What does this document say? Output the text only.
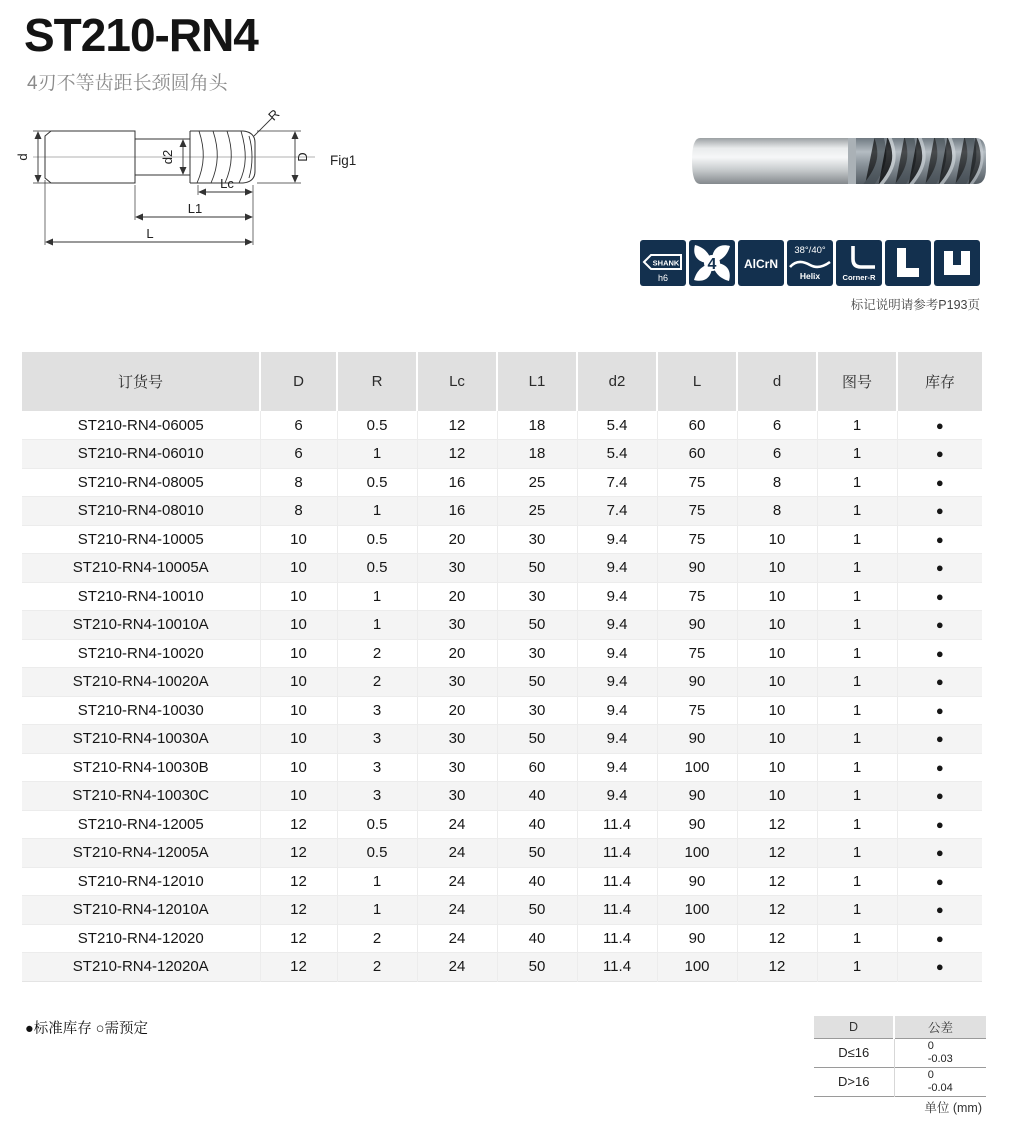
ST210-RN4
4刃不等齿距长颈圆角头
R
d	d2	D
Lc
L1
L
Fig1
SHANK
h6
4 AlCrN
38°/40°
Helix	Corner-R
标记说明请参考P193页
订货号	D	R	Lc	L1	d2	L	d	图号	库存
ST210-RN4-06005	6	0.5	12	18	5.4	60	6	1	●
ST210-RN4-06010	6	1	12	18	5.4	60	6	1	●
ST210-RN4-08005	8	0.5	16	25	7.4	75	8	1	●
ST210-RN4-08010	8	1	16	25	7.4	75	8	1	●
ST210-RN4-10005	10	0.5	20	30	9.4	75	10	1	●
ST210-RN4-10005A	10	0.5	30	50	9.4	90	10	1	●
ST210-RN4-10010	10	1	20	30	9.4	75	10	1	●
ST210-RN4-10010A	10	1	30	50	9.4	90	10	1	●
ST210-RN4-10020	10	2	20	30	9.4	75	10	1	●
ST210-RN4-10020A	10	2	30	50	9.4	90	10	1	●
ST210-RN4-10030	10	3	20	30	9.4	75	10	1	●
ST210-RN4-10030A	10	3	30	50	9.4	90	10	1	●
ST210-RN4-10030B	10	3	30	60	9.4	100	10	1	●
ST210-RN4-10030C	10	3	30	40	9.4	90	10	1	●
ST210-RN4-12005	12	0.5	24	40	11.4	90	12	1	●
ST210-RN4-12005A	12	0.5	24	50	11.4	100	12	1	●
ST210-RN4-12010	12	1	24	40	11.4	90	12	1	●
ST210-RN4-12010A	12	1	24	50	11.4	100	12	1	●
ST210-RN4-12020	12	2	24	40	11.4	90	12	1	●
ST210-RN4-12020A	12	2	24	50	11.4	100	12	1	●
●标准库存 ○需预定	D	公差
D≤16	0
-0.03

D>16	0
-0.04
单位 (mm)
